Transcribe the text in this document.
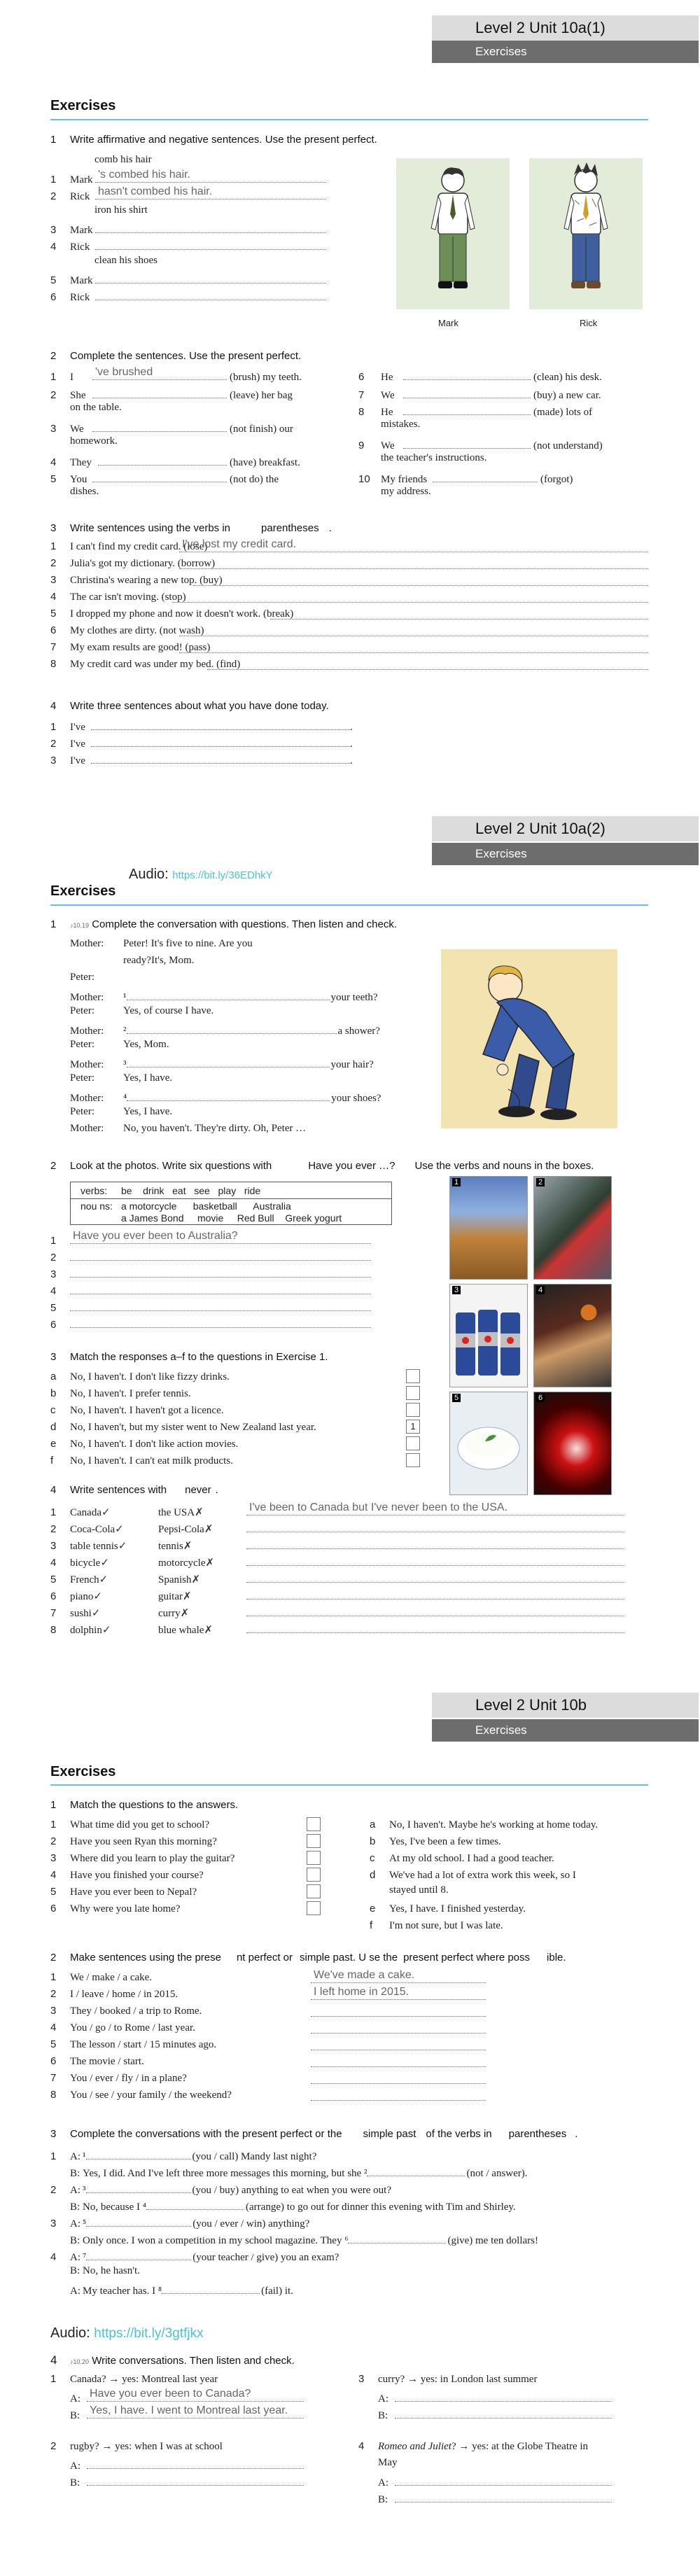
Level 2 Unit 10a(1)
Exercises
Exercises
1 Write affirmative and negative sentences. Use the present perfect.
comb his hair
1 Mark 's combed his hair.
2 Rick hasn't combed his hair.
iron his shirt
3 Mark
4 Rick
clean his shoes
5 Mark
6 Rick
Mark	Rick
2 Complete the sentences. Use the present perfect.
1 I 've brushed	(brush) my teeth.
2 She	(leave) her bag
on the table.
3 We	(not finish) our
homework.
4 They	(have) breakfast.
5 You	(not do) the
dishes.
6 He	(clean) his desk.
7 We	(buy) a new car.
8 He	(made) lots of
mistakes.
9 We	(not understand)
the teacher's instructions.
10 My friends	(forgot)
my address.
3 Write sentences using the verbs in	parentheses .
1 I can't find my credit card. (lose)
I've lost my credit card.
2 Julia's got my dictionary. (borrow)
3 Christina's wearing a new top. (buy)
4 The car isn't moving. (stop)
5 I dropped my phone and now it doesn't work. (break)
6 My clothes are dirty. (not wash)
7 My exam results are good! (pass)
8 My credit card was under my bed. (find)
4 Write three sentences about what you have done today.
1 I've	.
2 I've	.
3 I've	.
Level 2 Unit 10a(2)
Exercises
Audio: https://bit.ly/36EDhkY
Exercises
1 ♪10.19 Complete the conversation with questions. Then listen and check.
Mother: Peter! It's five to nine. Are you
ready?It's, Mom.
Peter:
Mother: ¹	your teeth?
Peter:	Yes, of course I have.
Mother: ²	a shower?
Peter:	Yes, Mom.
Mother: ³	your hair?
Peter:	Yes, I have.
Mother: ⁴	your shoes?
Peter:	Yes, I have.
Mother: No, you haven't. They're dirty. Oh, Peter …
2 Look at the photos. Write six questions with	Have you ever …? Use the verbs and nouns in the boxes.
verbs: be    drink   eat   see   play   ride
nou ns: a motorcycle      basketball      Australia
a James Bond     movie     Red Bull    Greek yogurt
1 Have you ever been to Australia?
2
3
4
5
6
1	2
3	4
5	6
3 Match the responses a–f to the questions in Exercise 1.
a No, I haven't. I don't like fizzy drinks.
b No, I haven't. I prefer tennis.
c No, I haven't. I haven't got a licence.
d No, I haven't, but my sister went to New Zealand last year.	1
e No, I haven't. I don't like action movies.
f No, I haven't. I can't eat milk products.
4 Write sentences with never .
1 Canada✓	the USA✗	I've been to Canada but I've never been to the USA.
2 Coca-Cola✓	Pepsi-Cola✗
3 table tennis✓	tennis✗
4 bicycle✓	motorcycle✗
5 French✓	Spanish✗
6 piano✓	guitar✗
7 sushi✓	curry✗
8 dolphin✓	blue whale✗
Level 2 Unit 10b
Exercises
Exercises
1 Match the questions to the answers.
1 What time did you get to school?
2 Have you seen Ryan this morning?
3 Where did you learn to play the guitar?
4 Have you finished your course?
5 Have you ever been to Nepal?
6 Why were you late home?
a No, I haven't. Maybe he's working at home today.
b Yes, I've been a few times.
c At my old school. I had a good teacher.
d We've had a lot of extra work this week, so I
stayed until 8.
e Yes, I have. I finished yesterday.
f I'm not sure, but I was late.
2 Make sentences using the prese nt perfect or simple past. U se the present perfect where poss ible.
1 We / make / a cake.	We've made a cake.
2 I / leave / home / in 2015.	I left home in 2015.
3 They / booked / a trip to Rome.
4 You / go / to Rome / last year.
5 The lesson / start / 15 minutes ago.
6 The movie / start.
7 You / ever / fly / in a plane?
8 You / see / your family / the weekend?
3 Complete the conversations with the present perfect or the simple past of the verbs in parentheses .
1 A: ¹	(you / call) Mandy last night?
B: Yes, I did. And I've left three more messages this morning, but she ²	(not / answer).
2 A: ³	(you / buy) anything to eat when you were out?
B: No, because I ⁴	(arrange) to go out for dinner this evening with Tim and Shirley.
3 A: ⁵	(you / ever / win) anything?
B: Only once. I won a competition in my school magazine. They ⁶	(give) me ten dollars!
4 A: ⁷	(your teacher / give) you an exam?
B: No, he hasn't.
A: My teacher has. I ⁸	(fail) it.
Audio: https://bit.ly/3gtfjkx
4 ♪10.20 Write conversations. Then listen and check.
1 Canada? → yes: Montreal last year
A: Have you ever been to Canada?
B: Yes, I have. I went to Montreal last year.
2 rugby? → yes: when I was at school
A:
B:
3 curry? → yes: in London last summer
A:
B:
4 Romeo and Juliet? → yes: at the Globe Theatre in
May
A:
B:
